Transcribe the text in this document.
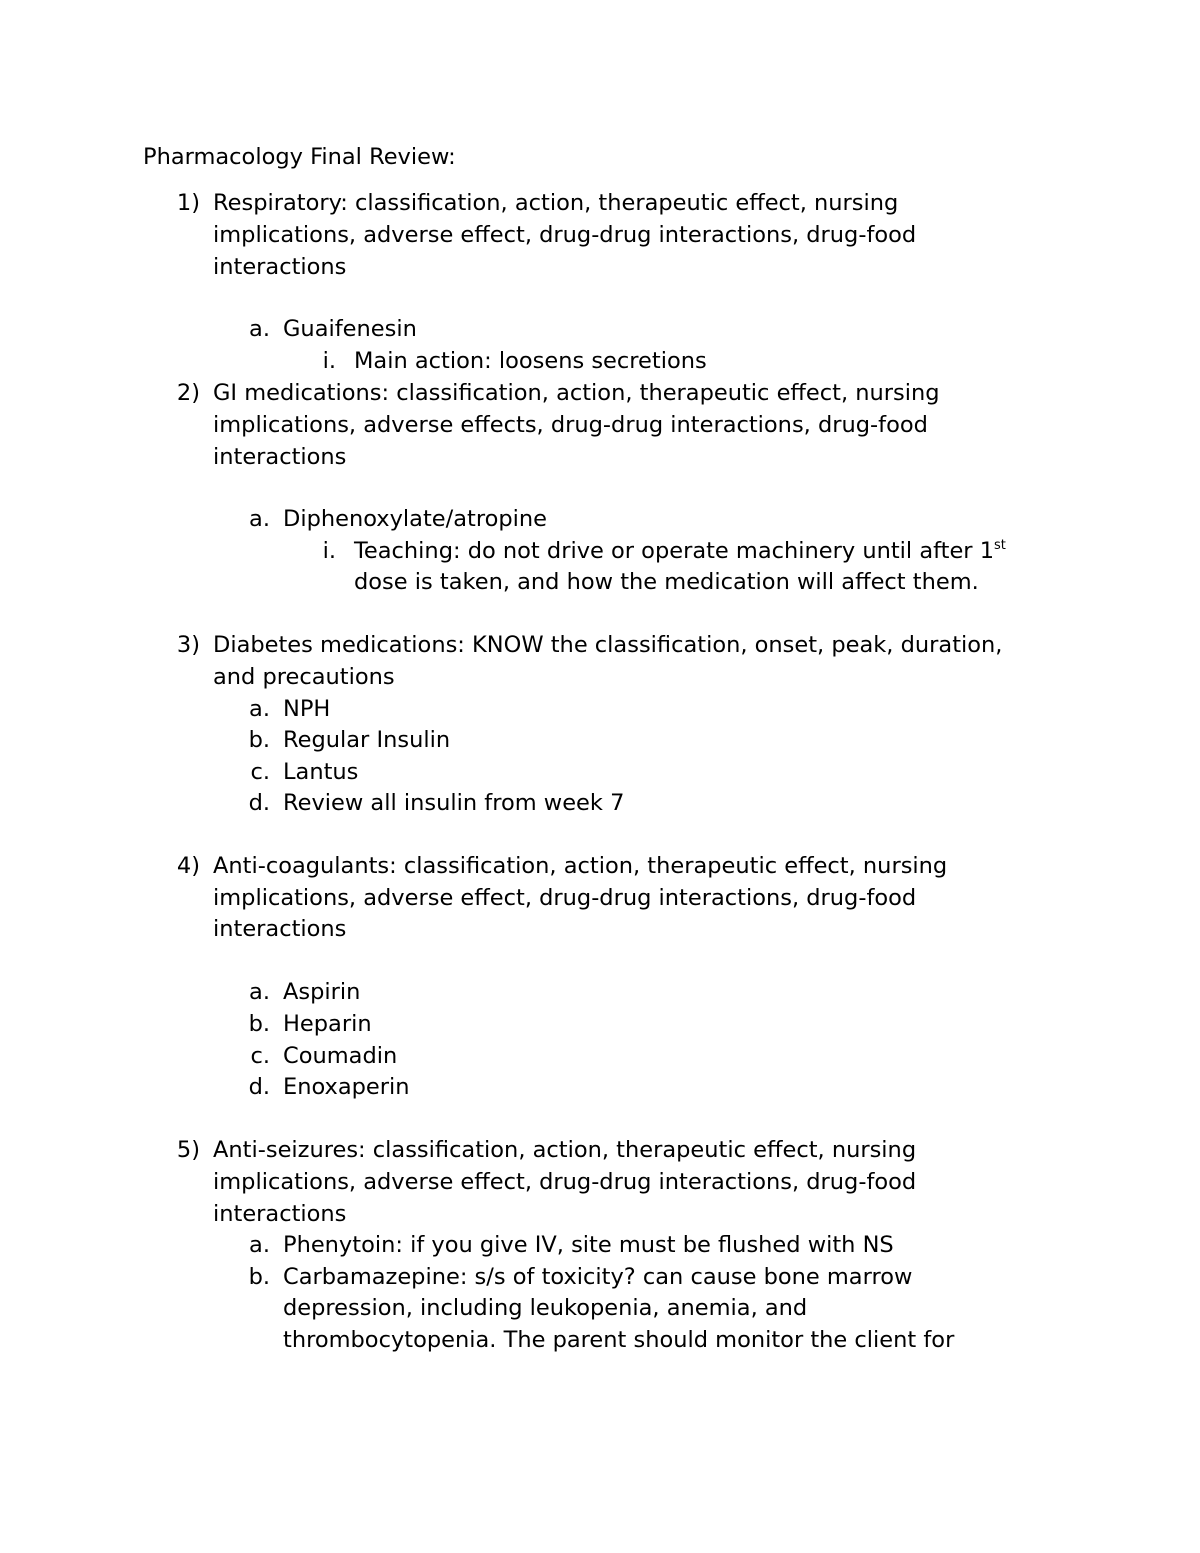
Pharmacology Final Review:
1) Respiratory: classification, action, therapeutic effect, nursing
implications, adverse effect, drug-drug interactions, drug-food
interactions
a. Guaifenesin
i. Main action: loosens secretions
2) GI medications: classification, action, therapeutic effect, nursing
implications, adverse effects, drug-drug interactions, drug-food
interactions
a. Diphenoxylate/atropine
i. Teaching: do not drive or operate machinery until after 1st
dose is taken, and how the medication will affect them.
3) Diabetes medications: KNOW the classification, onset, peak, duration,
and precautions
a. NPH
b. Regular Insulin
c. Lantus
d. Review all insulin from week 7
4) Anti-coagulants: classification, action, therapeutic effect, nursing
implications, adverse effect, drug-drug interactions, drug-food
interactions
a. Aspirin
b. Heparin
c. Coumadin
d. Enoxaperin
5) Anti-seizures: classification, action, therapeutic effect, nursing
implications, adverse effect, drug-drug interactions, drug-food
interactions
a. Phenytoin: if you give IV, site must be flushed with NS
b. Carbamazepine: s/s of toxicity? can cause bone marrow
depression, including leukopenia, anemia, and
thrombocytopenia. The parent should monitor the client for
